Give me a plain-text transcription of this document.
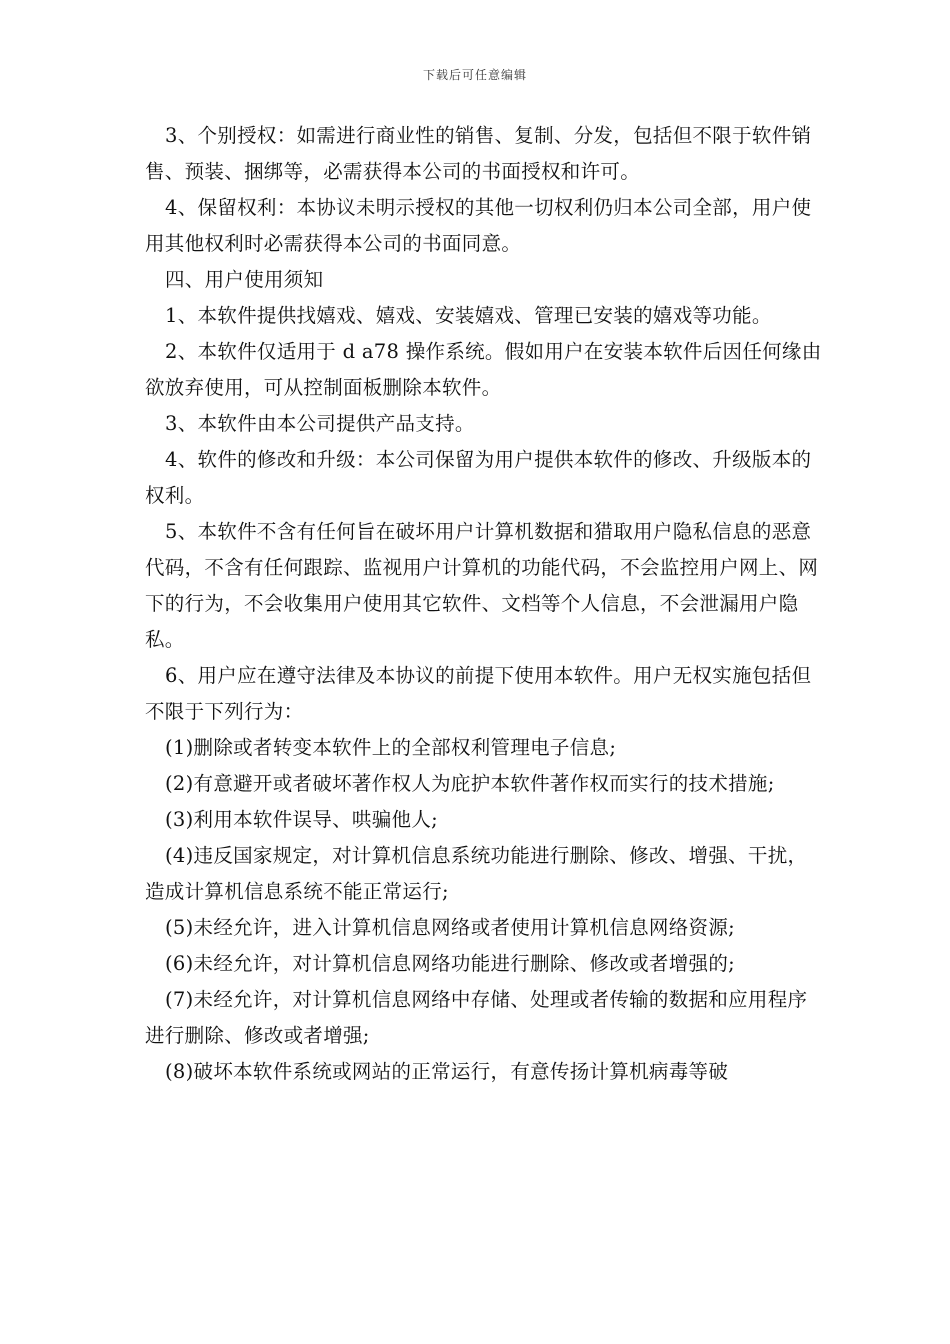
下载后可任意编辑

3、个别授权：如需进行商业性的销售、复制、分发，包括但不限于软件销售、预装、捆绑等，必需获得本公司的书面授权和许可。

4、保留权利：本协议未明示授权的其他一切权利仍归本公司全部，用户使用其他权利时必需获得本公司的书面同意。

四、用户使用须知

1、本软件提供找嬉戏、嬉戏、安装嬉戏、管理已安装的嬉戏等功能。

2、本软件仅适用于 d a78 操作系统。假如用户在安装本软件后因任何缘由欲放弃使用，可从控制面板删除本软件。

3、本软件由本公司提供产品支持。

4、软件的修改和升级：本公司保留为用户提供本软件的修改、升级版本的权利。

5、本软件不含有任何旨在破坏用户计算机数据和猎取用户隐私信息的恶意代码，不含有任何跟踪、监视用户计算机的功能代码，不会监控用户网上、网下的行为，不会收集用户使用其它软件、文档等个人信息，不会泄漏用户隐私。

6、用户应在遵守法律及本协议的前提下使用本软件。用户无权实施包括但不限于下列行为：

(1)删除或者转变本软件上的全部权利管理电子信息;

(2)有意避开或者破坏著作权人为庇护本软件著作权而实行的技术措施;

(3)利用本软件误导、哄骗他人;

(4)违反国家规定，对计算机信息系统功能进行删除、修改、增强、干扰，造成计算机信息系统不能正常运行;

(5)未经允许，进入计算机信息网络或者使用计算机信息网络资源;

(6)未经允许，对计算机信息网络功能进行删除、修改或者增强的;

(7)未经允许，对计算机信息网络中存储、处理或者传输的数据和应用程序进行删除、修改或者增强;

(8)破坏本软件系统或网站的正常运行，有意传扬计算机病毒等破
